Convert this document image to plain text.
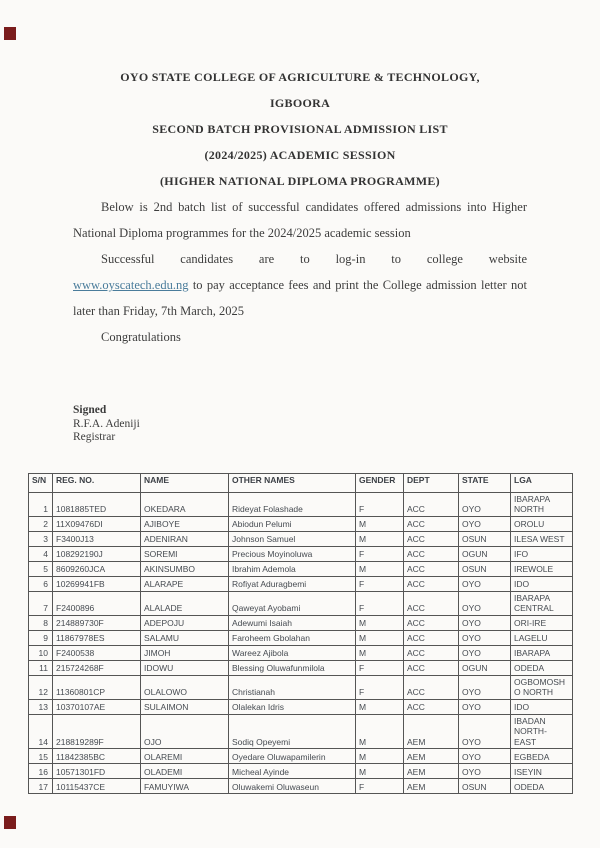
OYO STATE COLLEGE OF AGRICULTURE & TECHNOLOGY,
IGBOORA
SECOND BATCH PROVISIONAL ADMISSION LIST
(2024/2025) ACADEMIC SESSION
(HIGHER NATIONAL DIPLOMA PROGRAMME)

Below is 2nd batch list of successful candidates offered admissions into Higher National Diploma programmes for the 2024/2025 academic session

Successful candidates are to log-in to college website

www.oyscatech.edu.ng to pay acceptance fees and print the College admission letter not later than Friday, 7th March, 2025

Congratulations

Signed
R.F.A. Adeniji
Registrar
S/N	REG. NO.	NAME	OTHER NAMES	GENDER	DEPT	STATE	LGA
1	1081885TED	OKEDARA	Rideyat Folashade	F	ACC	OYO	IBARAPA NORTH
2	11X09476DI	AJIBOYE	Abiodun Pelumi	M	ACC	OYO	OROLU
3	F3400J13	ADENIRAN	Johnson Samuel	M	ACC	OSUN	ILESA WEST
4	108292190J	SOREMI	Precious Moyinoluwa	F	ACC	OGUN	IFO
5	8609260JCA	AKINSUMBO	Ibrahim Ademola	M	ACC	OSUN	IREWOLE
6	10269941FB	ALARAPE	Rofiyat Aduragbemi	F	ACC	OYO	IDO
7	F2400896	ALALADE	Qaweyat Ayobami	F	ACC	OYO	IBARAPA CENTRAL
8	214889730F	ADEPOJU	Adewumi Isaiah	M	ACC	OYO	ORI-IRE
9	11867978ES	SALAMU	Faroheem Gbolahan	M	ACC	OYO	LAGELU
10	F2400538	JIMOH	Wareez Ajibola	M	ACC	OYO	IBARAPA
11	215724268F	IDOWU	Blessing Oluwafunmilola	F	ACC	OGUN	ODEDA
12	11360801CP	OLALOWO	Christianah	F	ACC	OYO	OGBOMOSHO NORTH
13	10370107AE	SULAIMON	Olalekan Idris	M	ACC	OYO	IDO
14	218819289F	OJO	Sodiq Opeyemi	M	AEM	OYO	IBADAN NORTH-EAST
15	11842385BC	OLAREMI	Oyedare Oluwapamilerin	M	AEM	OYO	EGBEDA
16	10571301FD	OLADEMI	Micheal Ayinde	M	AEM	OYO	ISEYIN
17	10115437CE	FAMUYIWA	Oluwakemi Oluwaseun	F	AEM	OSUN	ODEDA
